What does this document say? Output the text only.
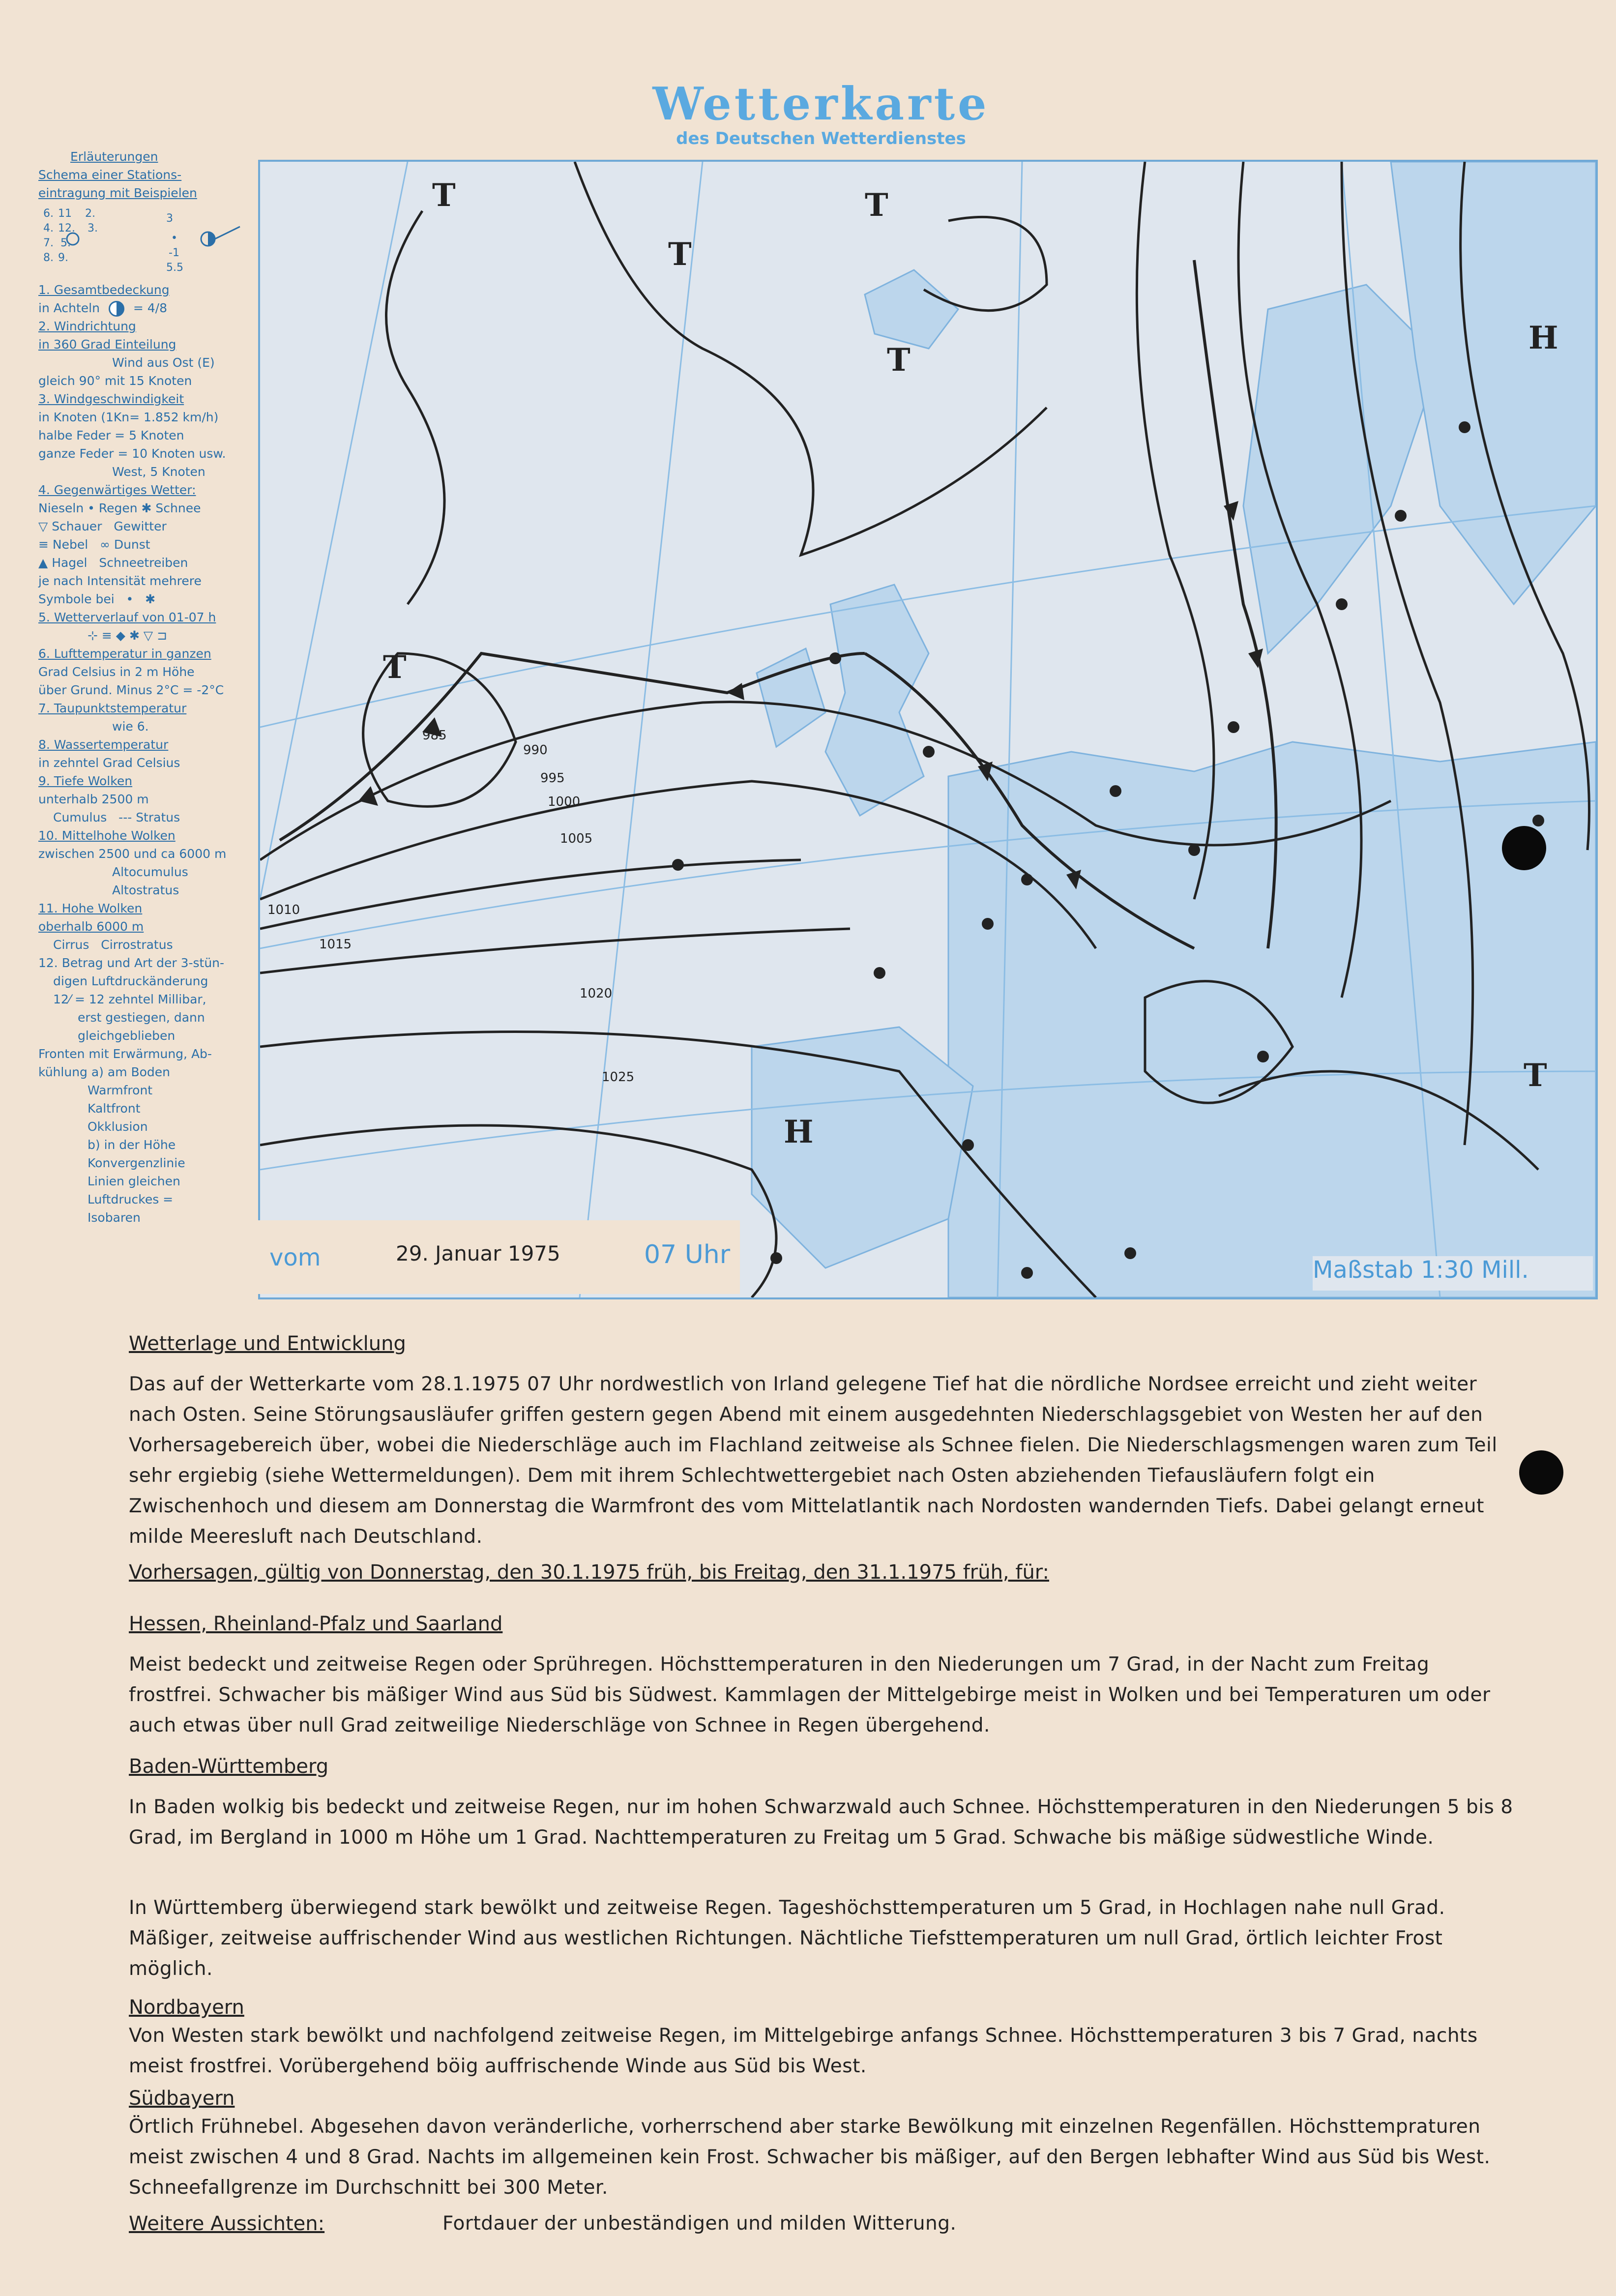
Wetterkarte
des Deutschen Wetterdienstes
Erläuterungen
Schema einer Stations-
eintragung mit Beispielen
6. 11 2.
4. 12. 3.
7. 5.
8. 9.
3
•
-1
5.5
1. Gesamtbedeckung
in Achteln	= 4/8
2. Windrichtung
in 360 Grad Einteilung
Wind aus Ost (E)
gleich 90° mit 15 Knoten
3. Windgeschwindigkeit
in Knoten (1Kn= 1.852 km/h)
halbe Feder = 5 Knoten
ganze Feder = 10 Knoten usw.
West, 5 Knoten
4. Gegenwärtiges Wetter:
Nieseln • Regen ✱ Schnee
▽ Schauer Gewitter
≡ Nebel   ∞ Dunst
▲ Hagel Schneetreiben
je nach Intensität mehrere
Symbole bei   •   ✱
5. Wetterverlauf von 01-07 h
⊹ ≡ ◆ ✱ ▽ ⊐
6. Lufttemperatur in ganzen
Grad Celsius in 2 m Höhe
über Grund. Minus 2°C = -2°C
7. Taupunktstemperatur
wie 6.
8. Wassertemperatur
in zehntel Grad Celsius
9. Tiefe Wolken
unterhalb 2500 m
Cumulus   --- Stratus
10. Mittelhohe Wolken
zwischen 2500 und ca 6000 m
Altocumulus
Altostratus
11. Hohe Wolken
oberhalb 6000 m
Cirrus Cirrostratus
12. Betrag und Art der 3-stün-
digen Luftdruckänderung
12⁄ = 12 zehntel Millibar,
erst gestiegen, dann
gleichgeblieben
Fronten mit Erwärmung, Ab-
kühlung a) am Boden
Warmfront
Kaltfront
Okklusion
b) in der Höhe
Konvergenzlinie
Linien gleichen
Luftdruckes =
Isobaren
T
T
T
T
T
T
H
H
985
990
995
1000
1005
1010
1015
1020
1025
vom	29. Januar 1975	07 Uhr
Maßstab 1:30 Mill.
Wetterlage und Entwicklung
Das auf der Wetterkarte vom 28.1.1975 07 Uhr nordwestlich von Irland gelegene Tief hat die nördliche Nordsee erreicht und zieht weiter nach Osten. Seine Störungsausläufer griffen gestern gegen Abend mit einem ausgedehnten Niederschlagsgebiet von Westen her auf den Vorhersagebereich über, wobei die Niederschläge auch im Flachland zeitweise als Schnee fielen. Die Niederschlagsmengen waren zum Teil sehr ergiebig (siehe Wettermeldungen). Dem mit ihrem Schlechtwettergebiet nach Osten abziehenden Tiefausläufern folgt ein Zwischenhoch und diesem am Donnerstag die Warmfront des vom Mittelatlantik nach Nordosten wandernden Tiefs. Dabei gelangt erneut milde Meeresluft nach Deutschland.
Vorhersagen, gültig von Donnerstag, den 30.1.1975 früh, bis Freitag, den 31.1.1975 früh, für:
Hessen, Rheinland-Pfalz und Saarland
Meist bedeckt und zeitweise Regen oder Sprühregen. Höchsttemperaturen in den Niederungen um 7 Grad, in der Nacht zum Freitag frostfrei. Schwacher bis mäßiger Wind aus Süd bis Südwest. Kammlagen der Mittelgebirge meist in Wolken und bei Temperaturen um oder auch etwas über null Grad zeitweilige Niederschläge von Schnee in Regen übergehend.
Baden-Württemberg
In Baden wolkig bis bedeckt und zeitweise Regen, nur im hohen Schwarzwald auch Schnee. Höchsttemperaturen in den Niederungen 5 bis 8 Grad, im Bergland in 1000 m Höhe um 1 Grad. Nachttemperaturen zu Freitag um 5 Grad. Schwache bis mäßige südwestliche Winde.
In Württemberg überwiegend stark bewölkt und zeitweise Regen. Tageshöchsttemperaturen um 5 Grad, in Hochlagen nahe null Grad. Mäßiger, zeitweise auffrischender Wind aus westlichen Richtungen. Nächtliche Tiefsttemperaturen um null Grad, örtlich leichter Frost möglich.
Nordbayern
Von Westen stark bewölkt und nachfolgend zeitweise Regen, im Mittelgebirge anfangs Schnee. Höchsttemperaturen 3 bis 7 Grad, nachts meist frostfrei. Vorübergehend böig auffrischende Winde aus Süd bis West.
Südbayern
Örtlich Frühnebel. Abgesehen davon veränderliche, vorherrschend aber starke Bewölkung mit einzelnen Regenfällen. Höchsttempraturen meist zwischen 4 und 8 Grad. Nachts im allgemeinen kein Frost. Schwacher bis mäßiger, auf den Bergen lebhafter Wind aus Süd bis West. Schneefallgrenze im Durchschnitt bei 300 Meter.
Weitere Aussichten:	Fortdauer der unbeständigen und milden Witterung.
